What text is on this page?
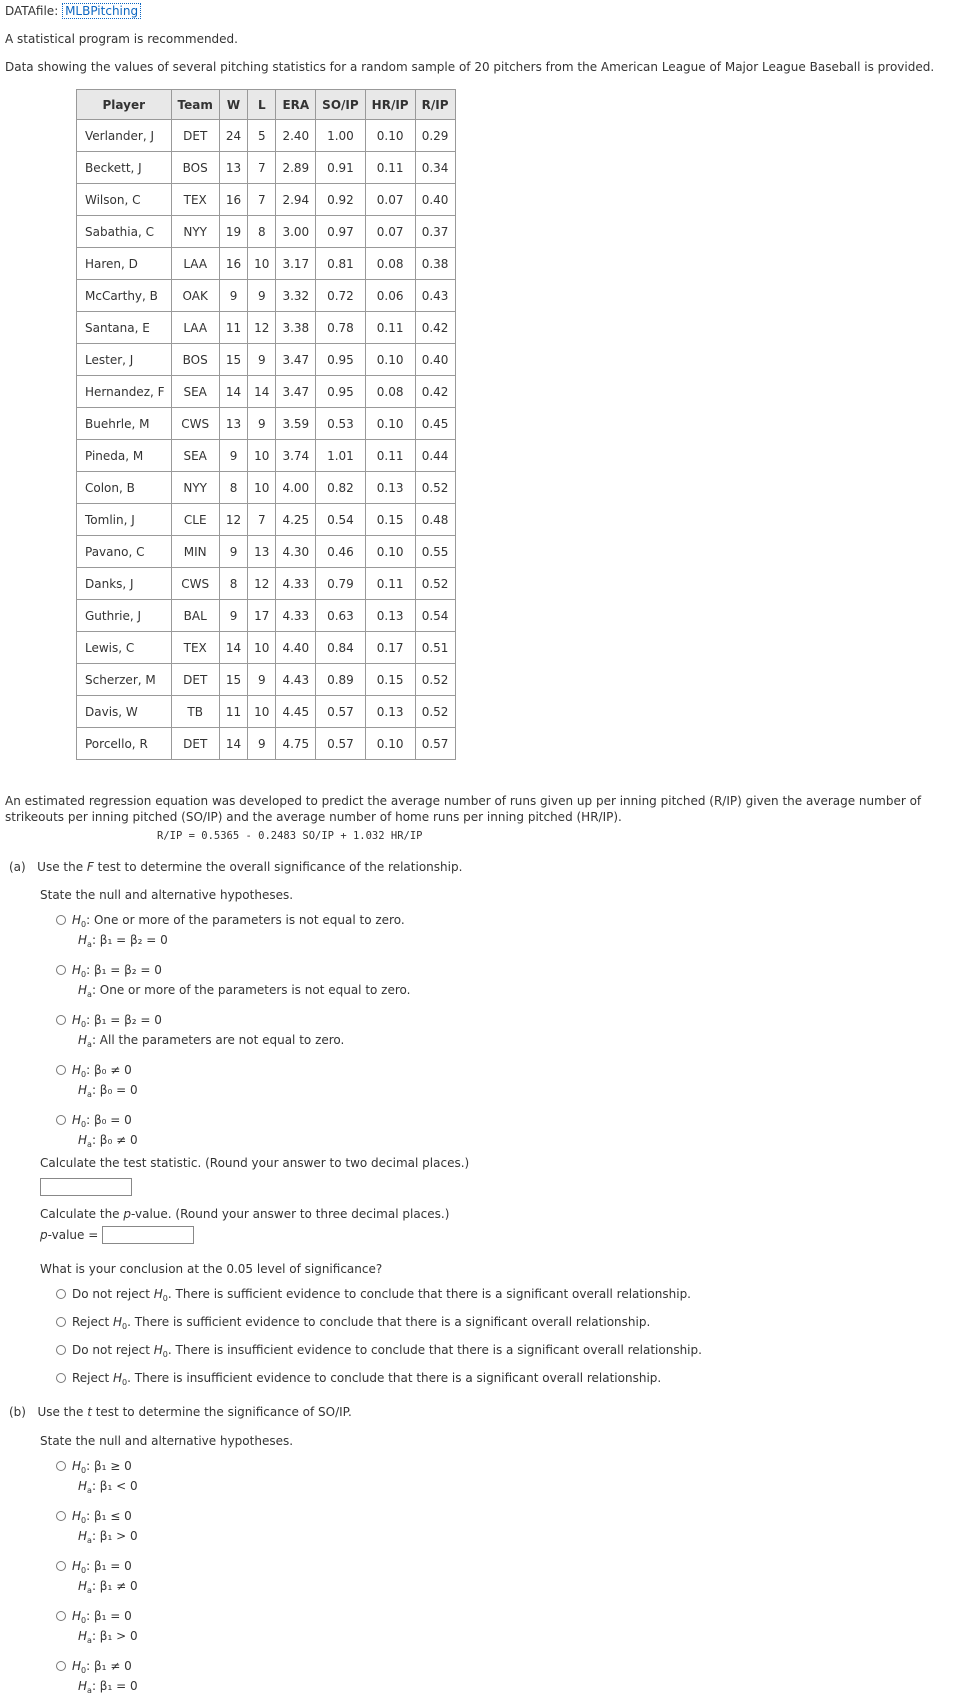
DATAfile: MLBPitching
A statistical program is recommended.
Data showing the values of several pitching statistics for a random sample of 20 pitchers from the American League of Major League Baseball is provided.
Player	Team	W	L	ERA	SO/IP	HR/IP	R/IP
Verlander, J	DET	24	5	2.40	1.00	0.10	0.29
Beckett, J	BOS	13	7	2.89	0.91	0.11	0.34
Wilson, C	TEX	16	7	2.94	0.92	0.07	0.40
Sabathia, C	NYY	19	8	3.00	0.97	0.07	0.37
Haren, D	LAA	16	10	3.17	0.81	0.08	0.38
McCarthy, B	OAK	9	9	3.32	0.72	0.06	0.43
Santana, E	LAA	11	12	3.38	0.78	0.11	0.42
Lester, J	BOS	15	9	3.47	0.95	0.10	0.40
Hernandez, F	SEA	14	14	3.47	0.95	0.08	0.42
Buehrle, M	CWS	13	9	3.59	0.53	0.10	0.45
Pineda, M	SEA	9	10	3.74	1.01	0.11	0.44
Colon, B	NYY	8	10	4.00	0.82	0.13	0.52
Tomlin, J	CLE	12	7	4.25	0.54	0.15	0.48
Pavano, C	MIN	9	13	4.30	0.46	0.10	0.55
Danks, J	CWS	8	12	4.33	0.79	0.11	0.52
Guthrie, J	BAL	9	17	4.33	0.63	0.13	0.54
Lewis, C	TEX	14	10	4.40	0.84	0.17	0.51
Scherzer, M	DET	15	9	4.43	0.89	0.15	0.52
Davis, W	TB	11	10	4.45	0.57	0.13	0.52
Porcello, R	DET	14	9	4.75	0.57	0.10	0.57
An estimated regression equation was developed to predict the average number of runs given up per inning pitched (R/IP) given the average number of
strikeouts per inning pitched (SO/IP) and the average number of home runs per inning pitched (HR/IP).
R/IP = 0.5365 - 0.2483 SO/IP + 1.032 HR/IP
(a) Use the F test to determine the overall significance of the relationship.
State the null and alternative hypotheses.
$H_0$: One or more of the parameters is not equal to zero.
$H_a$: β₁ = β₂ = 0
$H_0$: β₁ = β₂ = 0
$H_a$: One or more of the parameters is not equal to zero.
$H_0$: β₁ = β₂ = 0
$H_a$: All the parameters are not equal to zero.
$H_0$: β₀ ≠ 0
$H_a$: β₀ = 0
$H_0$: β₀ = 0
$H_a$: β₀ ≠ 0
Calculate the test statistic. (Round your answer to two decimal places.)
Calculate the p-value. (Round your answer to three decimal places.)
p-value =
What is your conclusion at the 0.05 level of significance?
Do not reject $H_0$. There is sufficient evidence to conclude that there is a significant overall relationship.
Reject $H_0$. There is sufficient evidence to conclude that there is a significant overall relationship.
Do not reject $H_0$. There is insufficient evidence to conclude that there is a significant overall relationship.
Reject $H_0$. There is insufficient evidence to conclude that there is a significant overall relationship.
(b) Use the t test to determine the significance of SO/IP.
State the null and alternative hypotheses.
$H_0$: β₁ ≥ 0
$H_a$: β₁ < 0
$H_0$: β₁ ≤ 0
$H_a$: β₁ > 0
$H_0$: β₁ = 0
$H_a$: β₁ ≠ 0
$H_0$: β₁ = 0
$H_a$: β₁ > 0
$H_0$: β₁ ≠ 0
$H_a$: β₁ = 0
